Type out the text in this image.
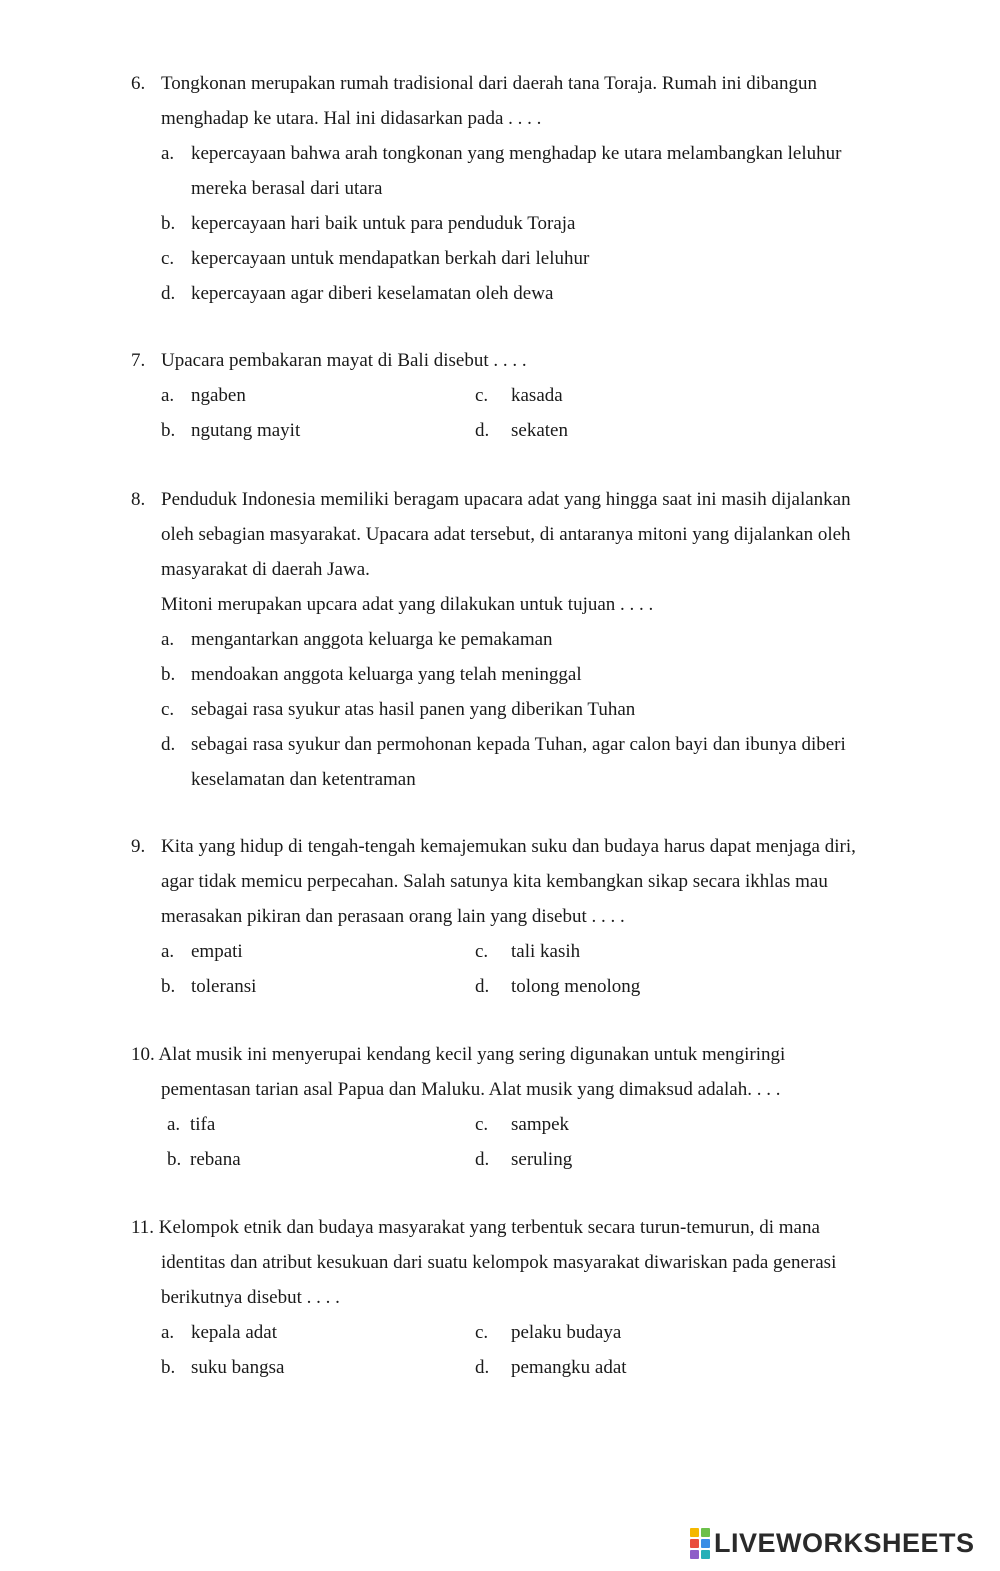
6. Tongkonan merupakan rumah tradisional dari daerah tana Toraja. Rumah ini dibangun
menghadap ke utara. Hal ini didasarkan pada . . . .
a. kepercayaan bahwa arah tongkonan yang menghadap ke utara melambangkan leluhur
mereka berasal dari utara
b. kepercayaan hari baik untuk para penduduk Toraja
c. kepercayaan untuk mendapatkan berkah dari leluhur
d. kepercayaan agar diberi keselamatan oleh dewa
7. Upacara pembakaran mayat di Bali disebut . . . .
a. ngaben	c. kasada
b. ngutang mayit	d. sekaten
8. Penduduk Indonesia memiliki beragam upacara adat yang hingga saat ini masih dijalankan
oleh sebagian masyarakat. Upacara adat tersebut, di antaranya mitoni yang dijalankan oleh
masyarakat di daerah Jawa.
Mitoni merupakan upcara adat yang dilakukan untuk tujuan . . . .
a. mengantarkan anggota keluarga ke pemakaman
b. mendoakan anggota keluarga yang telah meninggal
c. sebagai rasa syukur atas hasil panen yang diberikan Tuhan
d. sebagai rasa syukur dan permohonan kepada Tuhan, agar calon bayi dan ibunya diberi
keselamatan dan ketentraman
9. Kita yang hidup di tengah-tengah kemajemukan suku dan budaya harus dapat menjaga diri,
agar tidak memicu perpecahan. Salah satunya kita kembangkan sikap secara ikhlas mau
merasakan pikiran dan perasaan orang lain yang disebut . . . .
a. empati	c. tali kasih
b. toleransi	d. tolong menolong
10. Alat musik ini menyerupai kendang kecil yang sering digunakan untuk mengiringi
pementasan tarian asal Papua dan Maluku. Alat musik yang dimaksud adalah. . . .
a. tifa	c. sampek
b. rebana	d. seruling
11. Kelompok etnik dan budaya masyarakat yang terbentuk secara turun-temurun, di mana
identitas dan atribut kesukuan dari suatu kelompok masyarakat diwariskan pada generasi
berikutnya disebut . . . .
a. kepala adat	c. pelaku budaya
b. suku bangsa	d. pemangku adat
LIVEWORKSHEETS
